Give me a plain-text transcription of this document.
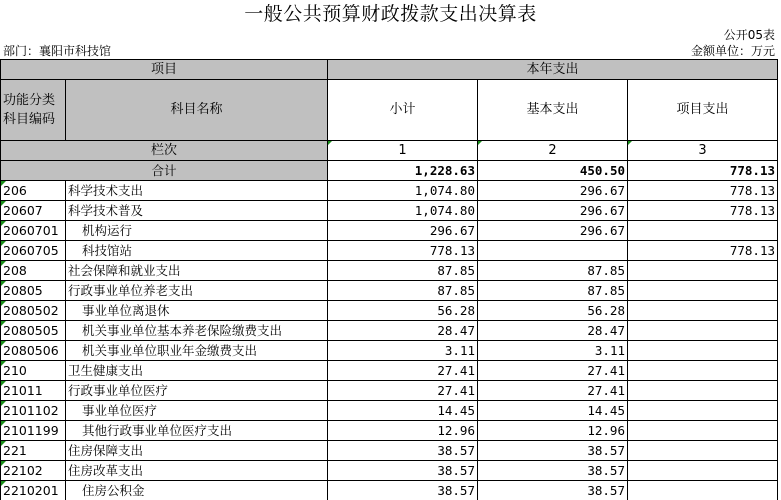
一般公共预算财政拨款支出决算表
公开05表
部门：襄阳市科技馆	金额单位：万元
项目		本年支出		
功能分类
科目编码	科目名称	小计	基本支出	项目支出
栏次		1	2	3
合计		1,228.63	450.50	778.13
206	科学技术支出	1,074.80	296.67	778.13
20607	科学技术普及	1,074.80	296.67	778.13
2060701	机构运行	296.67	296.67	
2060705	科技馆站	778.13		778.13
208	社会保障和就业支出	87.85	87.85	
20805	行政事业单位养老支出	87.85	87.85	
2080502	事业单位离退休	56.28	56.28	
2080505	机关事业单位基本养老保险缴费支出	28.47	28.47	
2080506	机关事业单位职业年金缴费支出	3.11	3.11	
210	卫生健康支出	27.41	27.41	
21011	行政事业单位医疗	27.41	27.41	
2101102	事业单位医疗	14.45	14.45	
2101199	其他行政事业单位医疗支出	12.96	12.96	
221	住房保障支出	38.57	38.57	
22102	住房改革支出	38.57	38.57	
2210201	住房公积金	38.57	38.57	
